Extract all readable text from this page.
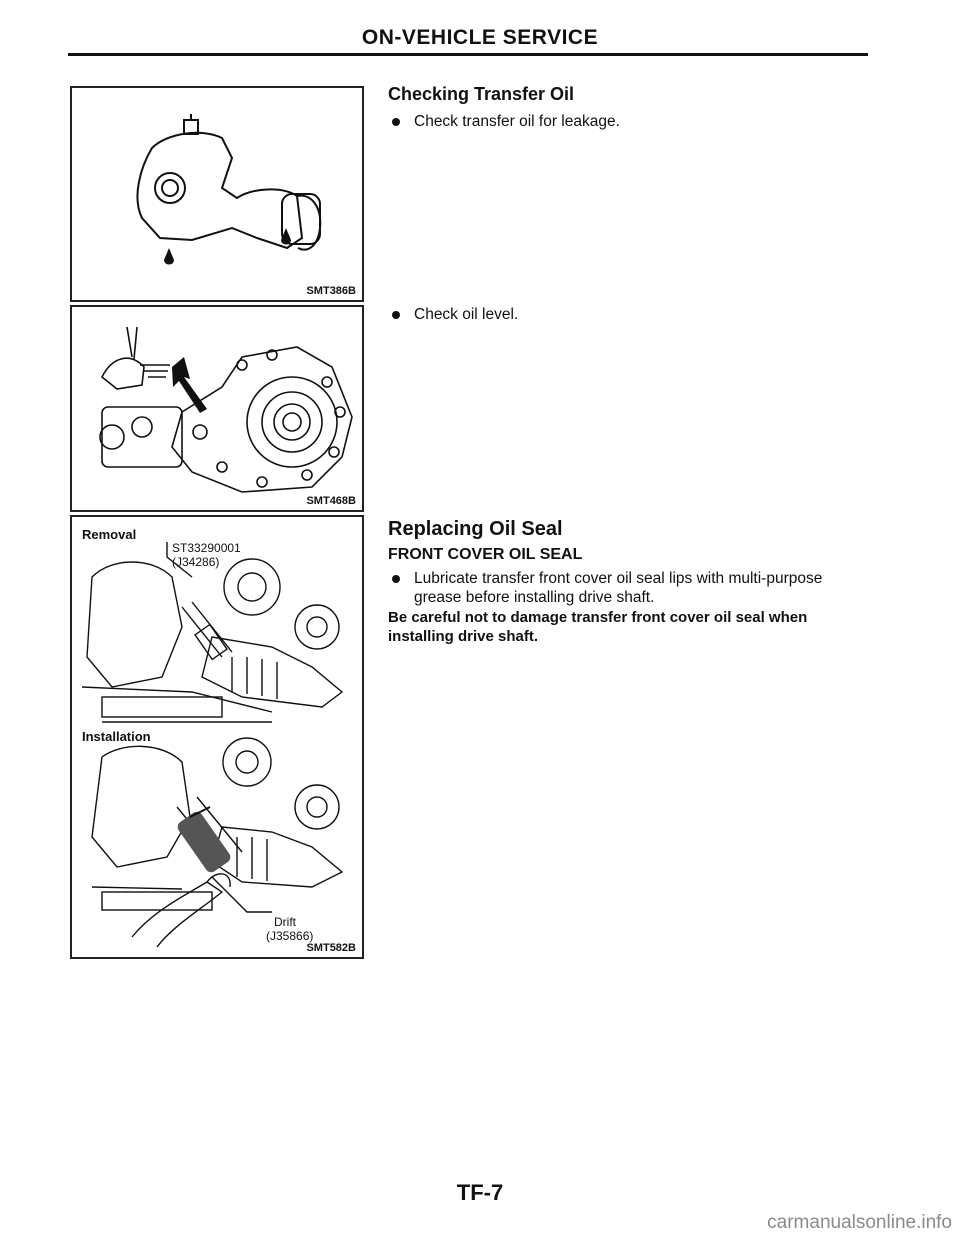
ON-VEHICLE SERVICE
SMT386B
SMT468B
Removal
ST33290001
(J34286)
Installation
Drift
(J35866)
SMT582B
Checking Transfer Oil
Check transfer oil for leakage.
Check oil level.
Replacing Oil Seal
FRONT COVER OIL SEAL
Lubricate transfer front cover oil seal lips with multi-purpose grease before installing drive shaft.
Be careful not to damage transfer front cover oil seal when installing drive shaft.
TF-7
carmanualsonline.info
